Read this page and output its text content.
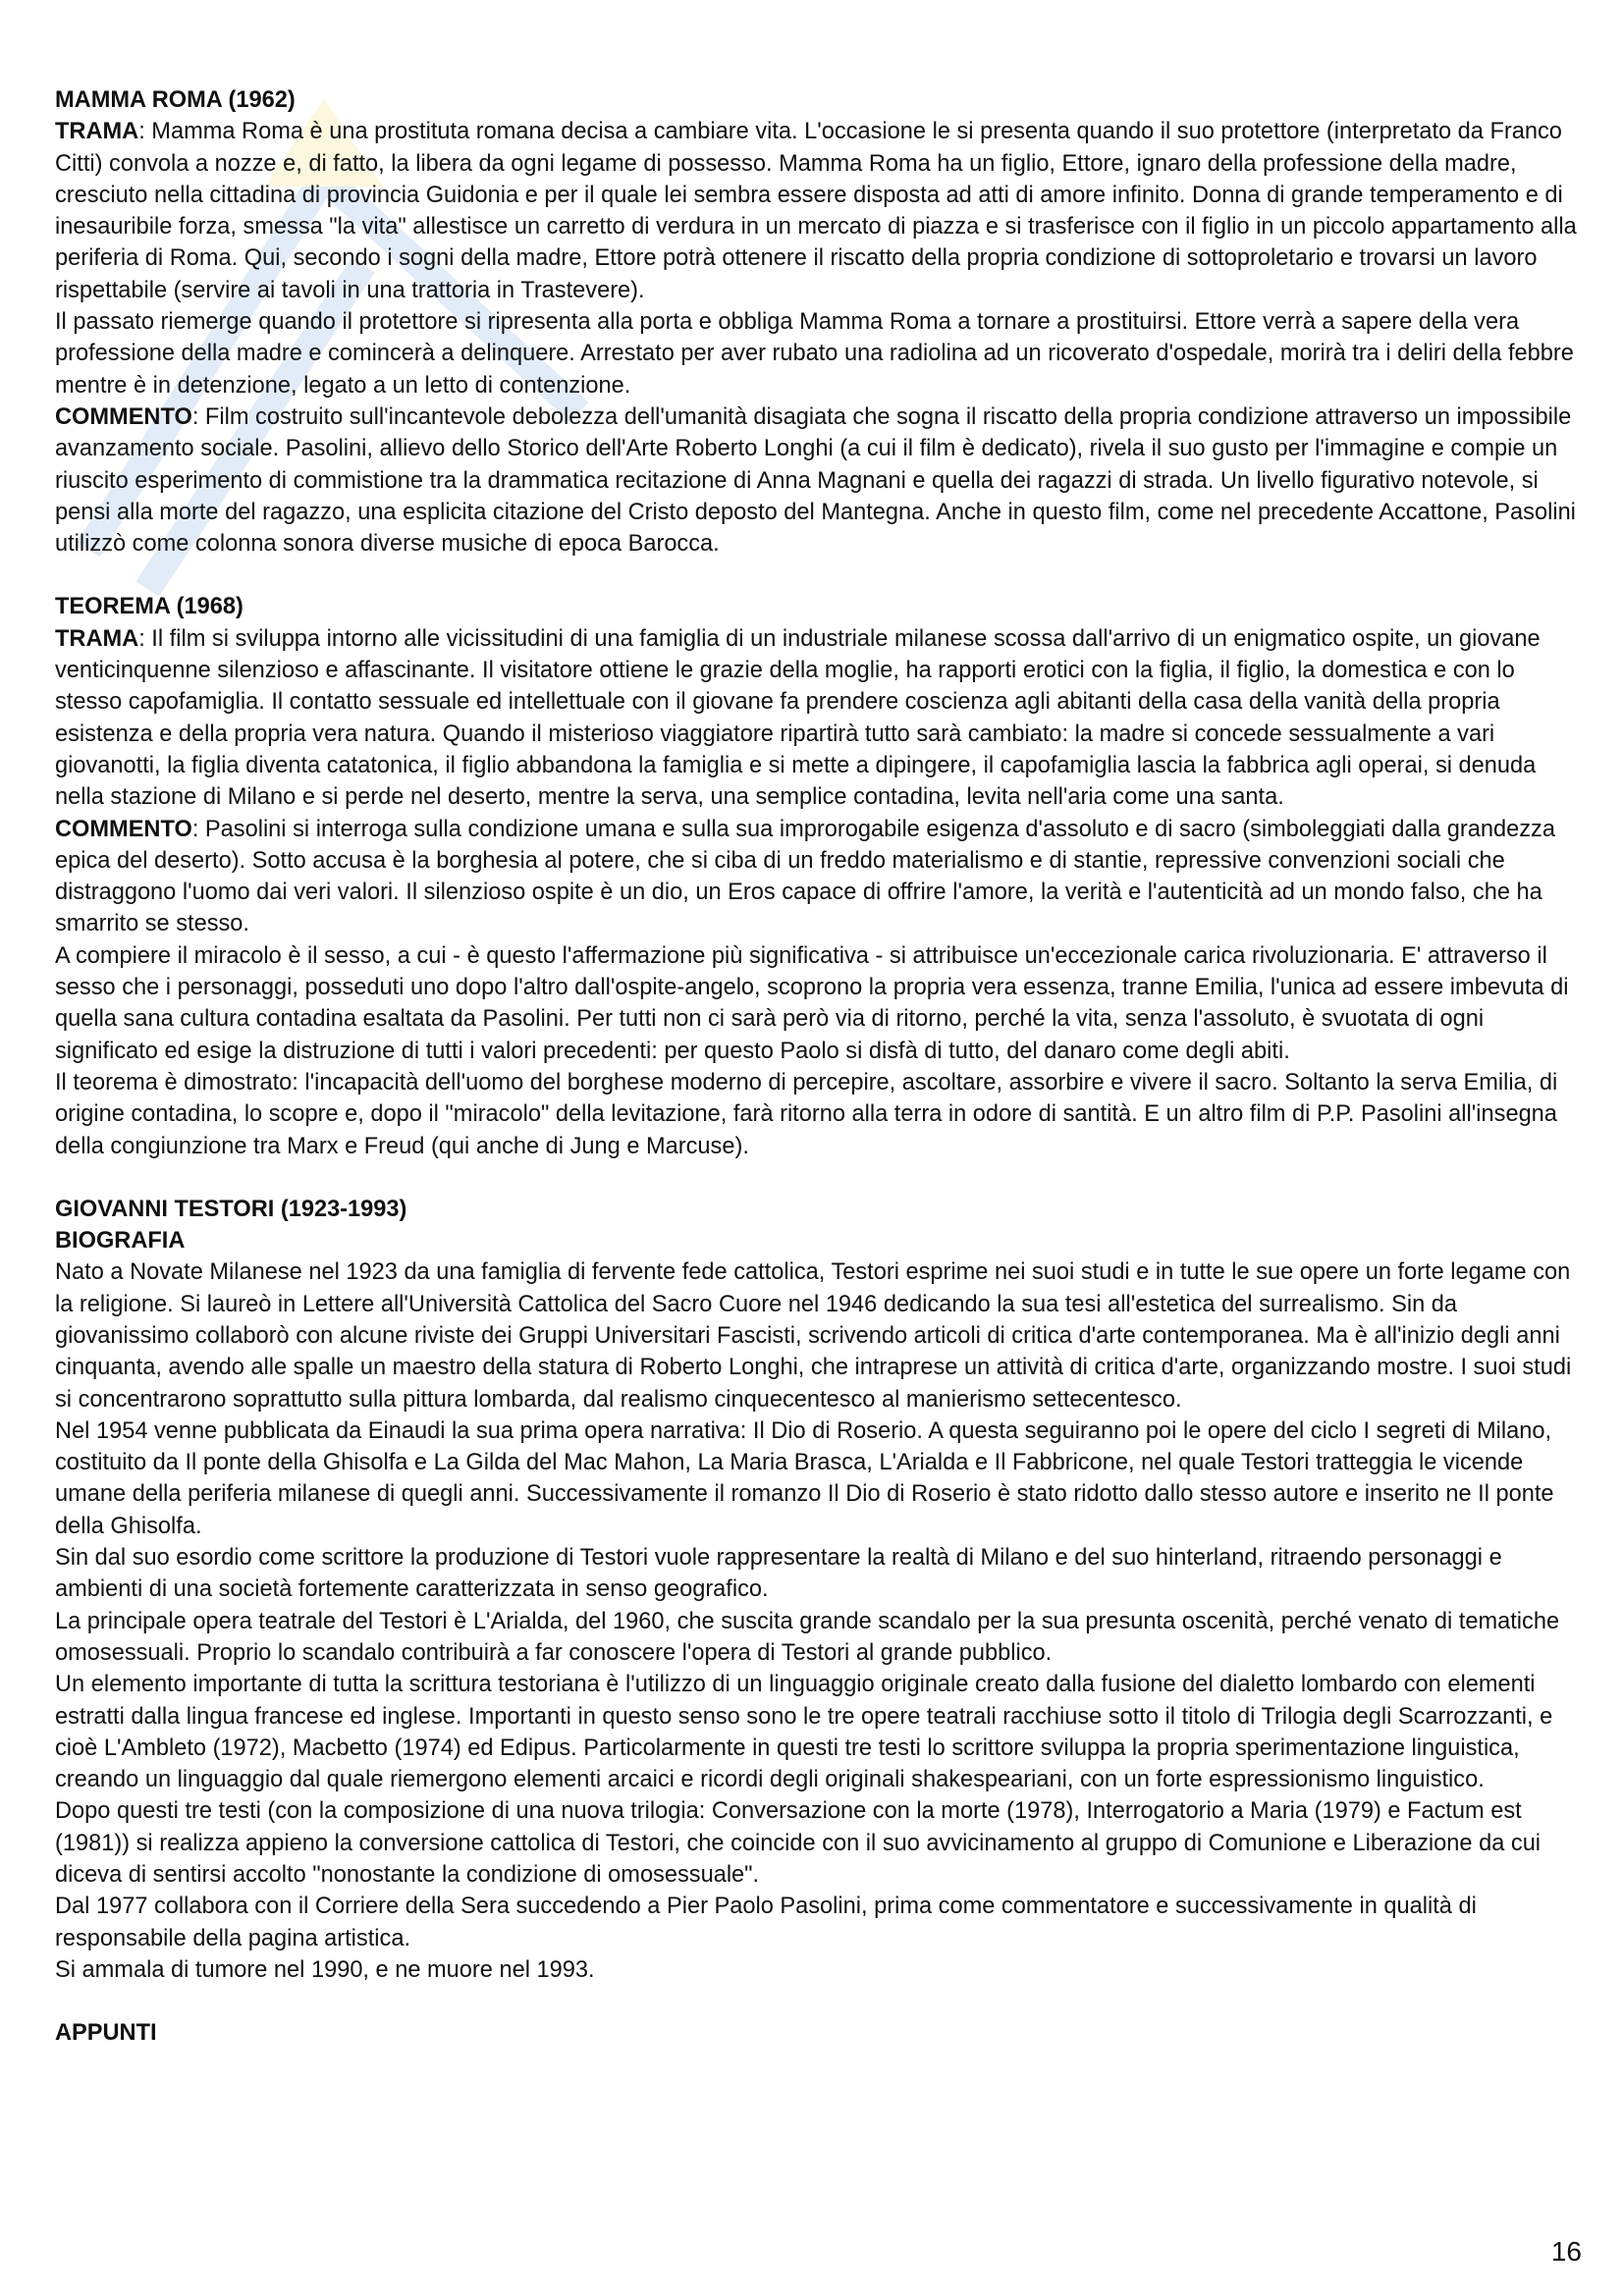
MAMMA ROMA (1962)

TRAMA: Mamma Roma è una prostituta romana decisa a cambiare vita. L'occasione le si presenta quando il suo protettore (interpretato da Franco Citti) convola a nozze e, di fatto, la libera da ogni legame di possesso. Mamma Roma ha un figlio, Ettore, ignaro della professione della madre, cresciuto nella cittadina di provincia Guidonia e per il quale lei sembra essere disposta ad atti di amore infinito. Donna di grande temperamento e di inesauribile forza, smessa "la vita" allestisce un carretto di verdura in un mercato di piazza e si trasferisce con il figlio in un piccolo appartamento alla periferia di Roma. Qui, secondo i sogni della madre, Ettore potrà ottenere il riscatto della propria condizione di sottoproletario e trovarsi un lavoro rispettabile (servire ai tavoli in una trattoria in Trastevere).

Il passato riemerge quando il protettore si ripresenta alla porta e obbliga Mamma Roma a tornare a prostituirsi. Ettore verrà a sapere della vera professione della madre e comincerà a delinquere. Arrestato per aver rubato una radiolina ad un ricoverato d'ospedale, morirà tra i deliri della febbre mentre è in detenzione, legato a un letto di contenzione.

COMMENTO: Film costruito sull'incantevole debolezza dell'umanità disagiata che sogna il riscatto della propria condizione attraverso un impossibile avanzamento sociale. Pasolini, allievo dello Storico dell'Arte Roberto Longhi (a cui il film è dedicato), rivela il suo gusto per l'immagine e compie un riuscito esperimento di commistione tra la drammatica recitazione di Anna Magnani e quella dei ragazzi di strada. Un livello figurativo notevole, si pensi alla morte del ragazzo, una esplicita citazione del Cristo deposto del Mantegna. Anche in questo film, come nel precedente Accattone, Pasolini utilizzò come colonna sonora diverse musiche di epoca Barocca.

TEOREMA (1968)

TRAMA: Il film si sviluppa intorno alle vicissitudini di una famiglia di un industriale milanese scossa dall'arrivo di un enigmatico ospite, un giovane venticinquenne silenzioso e affascinante. Il visitatore ottiene le grazie della moglie, ha rapporti erotici con la figlia, il figlio, la domestica e con lo stesso capofamiglia. Il contatto sessuale ed intellettuale con il giovane fa prendere coscienza agli abitanti della casa della vanità della propria esistenza e della propria vera natura. Quando il misterioso viaggiatore ripartirà tutto sarà cambiato: la madre si concede sessualmente a vari giovanotti, la figlia diventa catatonica, il figlio abbandona la famiglia e si mette a dipingere, il capofamiglia lascia la fabbrica agli operai, si denuda nella stazione di Milano e si perde nel deserto, mentre la serva, una semplice contadina, levita nell'aria come una santa.

COMMENTO: Pasolini si interroga sulla condizione umana e sulla sua improrogabile esigenza d'assoluto e di sacro (simboleggiati dalla grandezza epica del deserto). Sotto accusa è la borghesia al potere, che si ciba di un freddo materialismo e di stantie, repressive convenzioni sociali che distraggono l'uomo dai veri valori. Il silenzioso ospite è un dio, un Eros capace di offrire l'amore, la verità e l'autenticità ad un mondo falso, che ha smarrito se stesso.

A compiere il miracolo è il sesso, a cui - è questo l'affermazione più significativa - si attribuisce un'eccezionale carica rivoluzionaria. E' attraverso il sesso che i personaggi, posseduti uno dopo l'altro dall'ospite-angelo, scoprono la propria vera essenza, tranne Emilia, l'unica ad essere imbevuta di quella sana cultura contadina esaltata da Pasolini. Per tutti non ci sarà però via di ritorno, perché la vita, senza l'assoluto, è svuotata di ogni significato ed esige la distruzione di tutti i valori precedenti: per questo Paolo si disfà di tutto, del danaro come degli abiti.

Il teorema è dimostrato: l'incapacità dell'uomo del borghese moderno di percepire, ascoltare, assorbire e vivere il sacro. Soltanto la serva Emilia, di origine contadina, lo scopre e, dopo il "miracolo" della levitazione, farà ritorno alla terra in odore di santità. E un altro film di P.P. Pasolini all'insegna della congiunzione tra Marx e Freud (qui anche di Jung e Marcuse).

GIOVANNI TESTORI (1923-1993)

BIOGRAFIA

Nato a Novate Milanese nel 1923 da una famiglia di fervente fede cattolica, Testori esprime nei suoi studi e in tutte le sue opere un forte legame con la religione. Si laureò in Lettere all'Università Cattolica del Sacro Cuore nel 1946 dedicando la sua tesi all'estetica del surrealismo. Sin da giovanissimo collaborò con alcune riviste dei Gruppi Universitari Fascisti, scrivendo articoli di critica d'arte contemporanea. Ma è all'inizio degli anni cinquanta, avendo alle spalle un maestro della statura di Roberto Longhi, che intraprese un attività di critica d'arte, organizzando mostre. I suoi studi si concentrarono soprattutto sulla pittura lombarda, dal realismo cinquecentesco al manierismo settecentesco.

Nel 1954 venne pubblicata da Einaudi la sua prima opera narrativa: Il Dio di Roserio. A questa seguiranno poi le opere del ciclo I segreti di Milano, costituito da Il ponte della Ghisolfa e La Gilda del Mac Mahon, La Maria Brasca, L'Arialda e Il Fabbricone, nel quale Testori tratteggia le vicende umane della periferia milanese di quegli anni. Successivamente il romanzo Il Dio di Roserio è stato ridotto dallo stesso autore e inserito ne Il ponte della Ghisolfa.

Sin dal suo esordio come scrittore la produzione di Testori vuole rappresentare la realtà di Milano e del suo hinterland, ritraendo personaggi e ambienti di una società fortemente caratterizzata in senso geografico.

La principale opera teatrale del Testori è L'Arialda, del 1960, che suscita grande scandalo per la sua presunta oscenità, perché venato di tematiche omosessuali. Proprio lo scandalo contribuirà a far conoscere l'opera di Testori al grande pubblico.

Un elemento importante di tutta la scrittura testoriana è l'utilizzo di un linguaggio originale creato dalla fusione del dialetto lombardo con elementi estratti dalla lingua francese ed inglese. Importanti in questo senso sono le tre opere teatrali racchiuse sotto il titolo di Trilogia degli Scarrozzanti, e cioè L'Ambleto (1972), Macbetto (1974) ed Edipus. Particolarmente in questi tre testi lo scrittore sviluppa la propria sperimentazione linguistica, creando un linguaggio dal quale riemergono elementi arcaici e ricordi degli originali shakespeariani, con un forte espressionismo linguistico.

Dopo questi tre testi (con la composizione di una nuova trilogia: Conversazione con la morte (1978), Interrogatorio a Maria (1979) e Factum est (1981)) si realizza appieno la conversione cattolica di Testori, che coincide con il suo avvicinamento al gruppo di Comunione e Liberazione da cui diceva di sentirsi accolto "nonostante la condizione di omosessuale".

Dal 1977 collabora con il Corriere della Sera succedendo a Pier Paolo Pasolini, prima come commentatore e successivamente in qualità di responsabile della pagina artistica.

Si ammala di tumore nel 1990, e ne muore nel 1993.

APPUNTI

16
